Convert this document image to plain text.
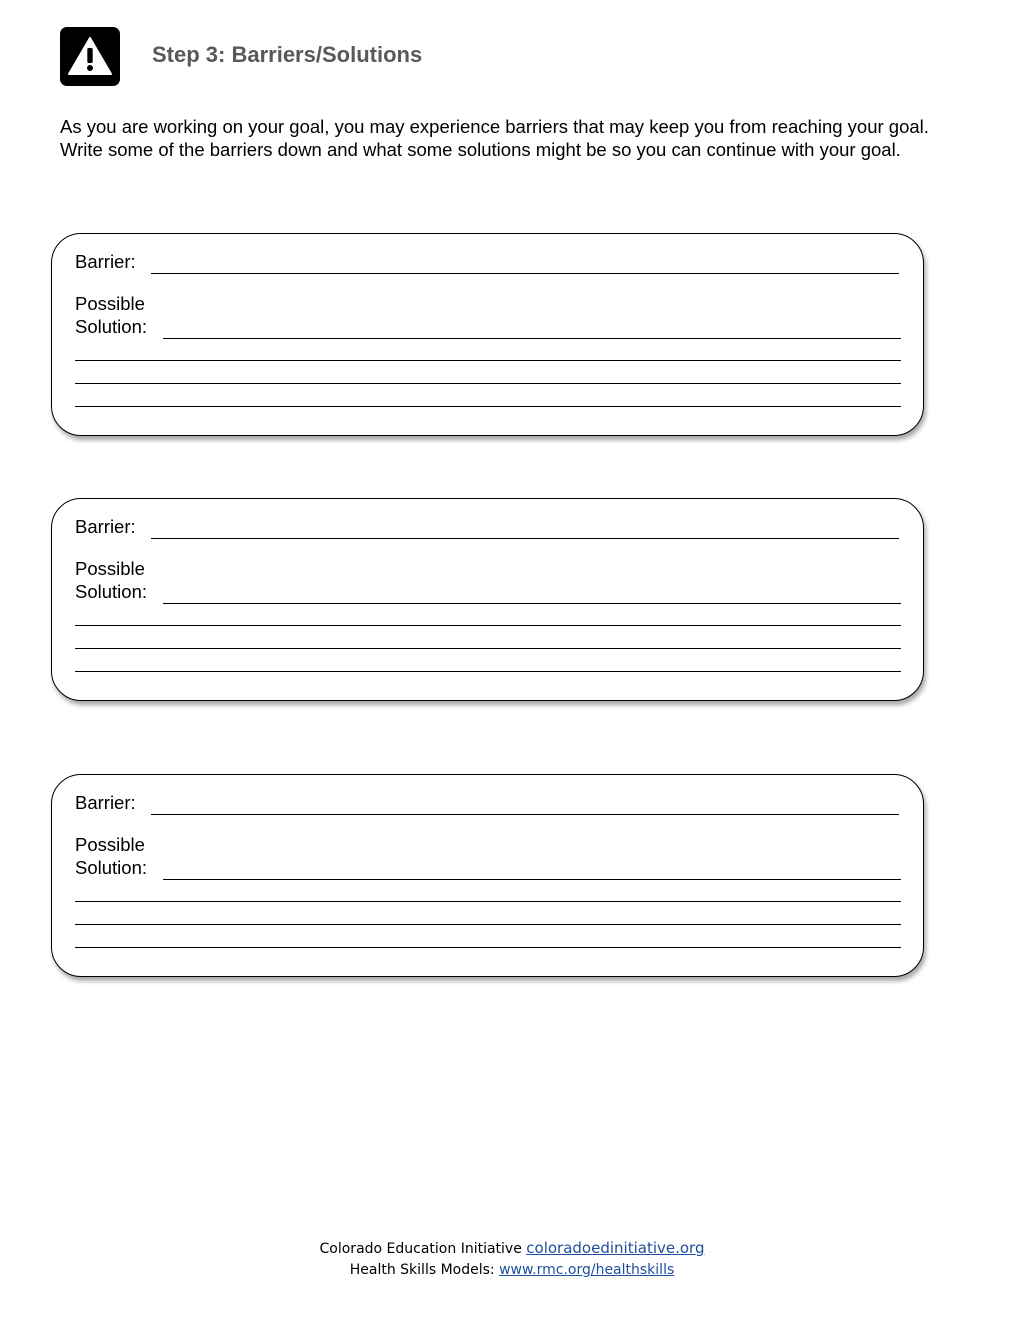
Step 3: Barriers/Solutions

As you are working on your goal, you may experience barriers that may keep you from reaching your goal. Write some of the barriers down and what some solutions might be so you can continue with your goal.

Barrier:
Possible
Solution:
Barrier:
Possible
Solution:
Barrier:
Possible
Solution:
Colorado Education Initiative coloradoedinitiative.org
Health Skills Models: www.rmc.org/healthskills
